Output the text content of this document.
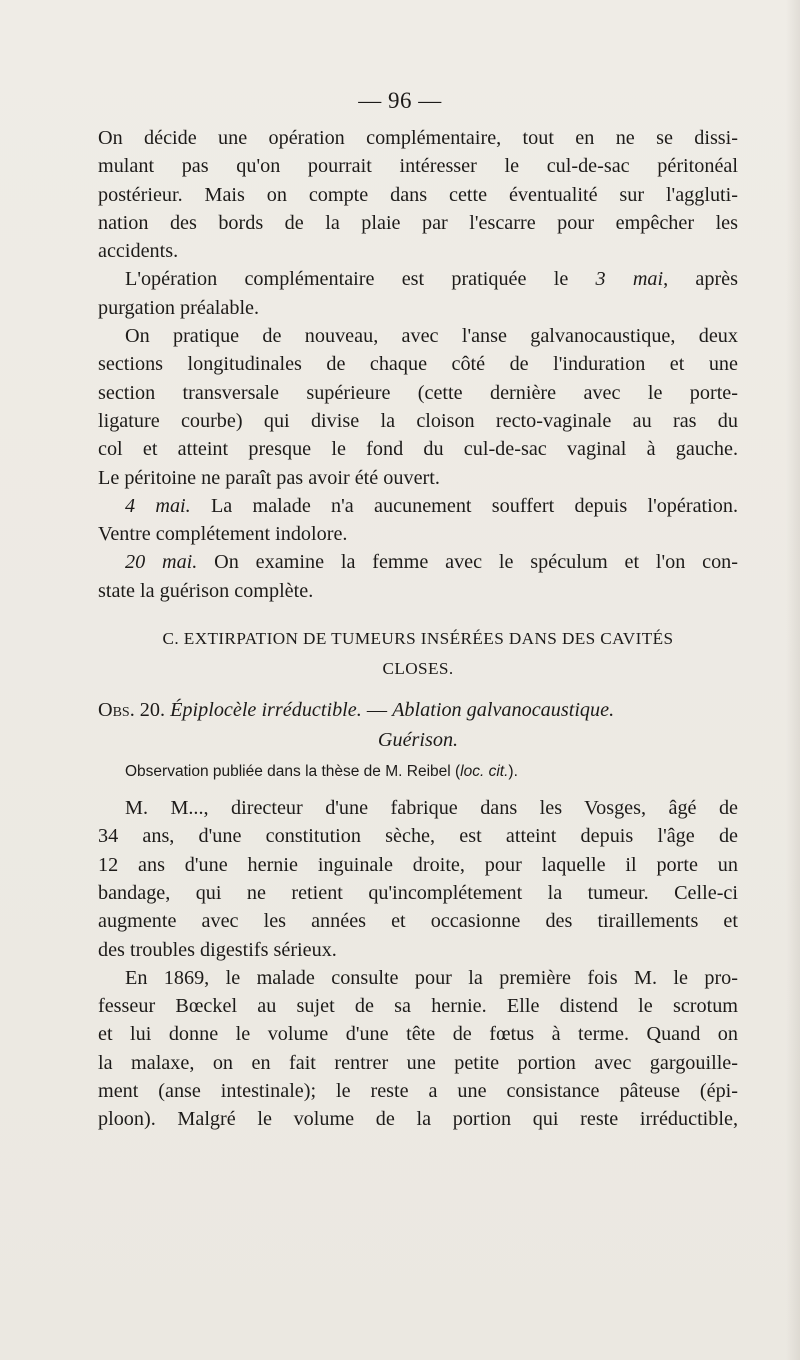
— 96 —
On décide une opération complémentaire, tout en ne se dissi-
mulant pas qu'on pourrait intéresser le cul-de-sac péritonéal
postérieur. Mais on compte dans cette éventualité sur l'aggluti-
nation des bords de la plaie par l'escarre pour empêcher les
accidents.
L'opération complémentaire est pratiquée le 3 mai, après
purgation préalable.
On pratique de nouveau, avec l'anse galvanocaustique, deux
sections longitudinales de chaque côté de l'induration et une
section transversale supérieure (cette dernière avec le porte-
ligature courbe) qui divise la cloison recto-vaginale au ras du
col et atteint presque le fond du cul-de-sac vaginal à gauche.
Le péritoine ne paraît pas avoir été ouvert.
4 mai. La malade n'a aucunement souffert depuis l'opération.
Ventre complétement indolore.
20 mai. On examine la femme avec le spéculum et l'on con-
state la guérison complète.
C. EXTIRPATION DE TUMEURS INSÉRÉES DANS DES CAVITÉS
CLOSES.
Obs. 20. Épiplocèle irréductible. — Ablation galvanocaustique.
Guérison.
Observation publiée dans la thèse de M. Reibel (loc. cit.).
M. M..., directeur d'une fabrique dans les Vosges, âgé de
34 ans, d'une constitution sèche, est atteint depuis l'âge de
12 ans d'une hernie inguinale droite, pour laquelle il porte un
bandage, qui ne retient qu'incomplétement la tumeur. Celle-ci
augmente avec les années et occasionne des tiraillements et
des troubles digestifs sérieux.
En 1869, le malade consulte pour la première fois M. le pro-
fesseur Bœckel au sujet de sa hernie. Elle distend le scrotum
et lui donne le volume d'une tête de fœtus à terme. Quand on
la malaxe, on en fait rentrer une petite portion avec gargouille-
ment (anse intestinale); le reste a une consistance pâteuse (épi-
ploon). Malgré le volume de la portion qui reste irréductible,
